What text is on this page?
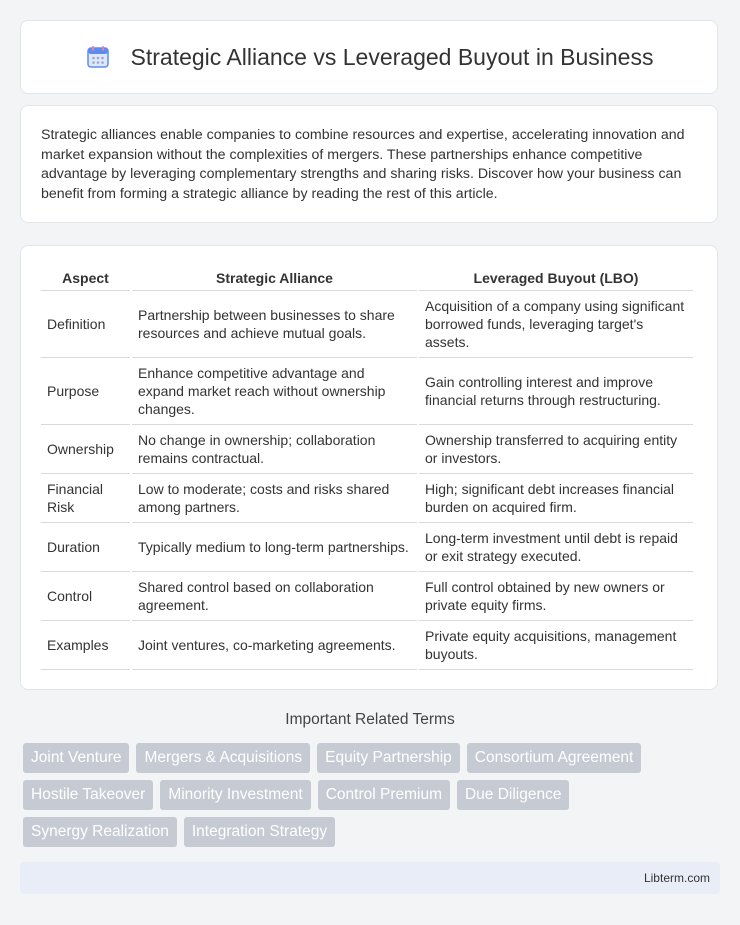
Strategic Alliance vs Leveraged Buyout in Business

Strategic alliances enable companies to combine resources and expertise, accelerating innovation and market expansion without the complexities of mergers. These partnerships enhance competitive advantage by leveraging complementary strengths and sharing risks. Discover how your business can benefit from forming a strategic alliance by reading the rest of this article.

Aspect	Strategic Alliance	Leveraged Buyout (LBO)
Definition	Partnership between businesses to share resources and achieve mutual goals.	Acquisition of a company using significant borrowed funds, leveraging target's assets.
Purpose	Enhance competitive advantage and expand market reach without ownership changes.	Gain controlling interest and improve financial returns through restructuring.
Ownership	No change in ownership; collaboration remains contractual.	Ownership transferred to acquiring entity or investors.
Financial Risk	Low to moderate; costs and risks shared among partners.	High; significant debt increases financial burden on acquired firm.
Duration	Typically medium to long-term partnerships.	Long-term investment until debt is repaid or exit strategy executed.
Control	Shared control based on collaboration agreement.	Full control obtained by new owners or private equity firms.
Examples	Joint ventures, co-marketing agreements.	Private equity acquisitions, management buyouts.
Important Related Terms
Joint Venture	Mergers & Acquisitions	Equity Partnership	Consortium Agreement
Hostile Takeover	Minority Investment	Control Premium	Due Diligence
Synergy Realization	Integration Strategy
Libterm.com
